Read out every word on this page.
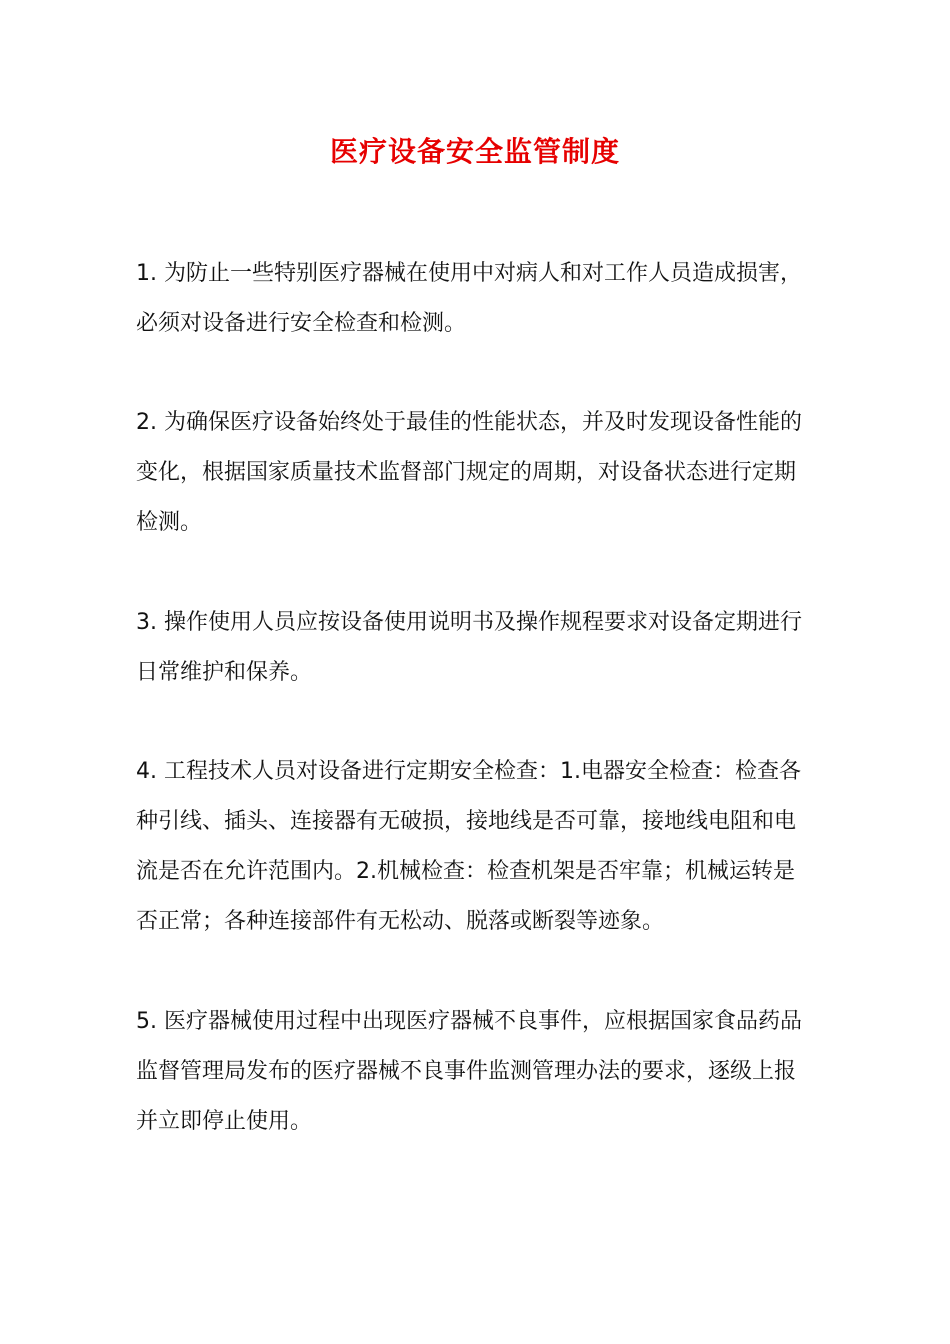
医疗设备安全监管制度

1. 为防止一些特别医疗器械在使用中对病人和对工作人员造成损害，必须对设备进行安全检查和检测。

2. 为确保医疗设备始终处于最佳的性能状态，并及时发现设备性能的变化，根据国家质量技术监督部门规定的周期，对设备状态进行定期检测。

3. 操作使用人员应按设备使用说明书及操作规程要求对设备定期进行日常维护和保养。

4. 工程技术人员对设备进行定期安全检查：1.电器安全检查：检查各种引线、插头、连接器有无破损，接地线是否可靠，接地线电阻和电流是否在允许范围内。2.机械检查：检查机架是否牢靠；机械运转是否正常；各种连接部件有无松动、脱落或断裂等迹象。

5. 医疗器械使用过程中出现医疗器械不良事件，应根据国家食品药品监督管理局发布的医疗器械不良事件监测管理办法的要求，逐级上报并立即停止使用。
